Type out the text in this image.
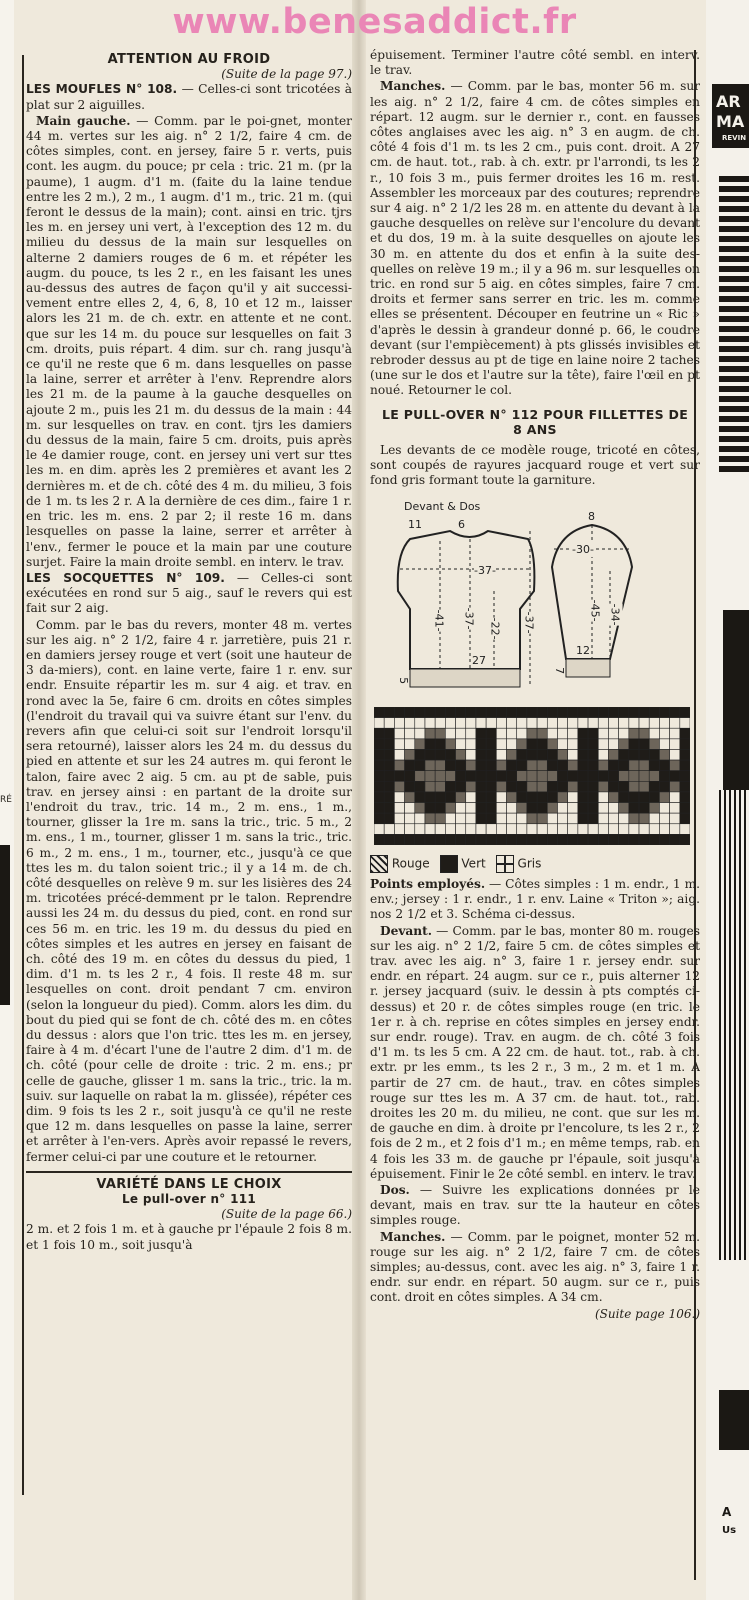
AR
MA
REVIN
A
Us
RÉ
www.benesaddict.fr
ATTENTION AU FROID
(Suite de la page 97.)

LES MOUFLES N° 108. — Celles-ci sont tricotées à plat sur 2 aiguilles.

Main gauche. — Comm. par le poi-gnet, monter 44 m. vertes sur les aig. n° 2 1/2, faire 4 cm. de côtes simples, cont. en jersey, faire 5 r. verts, puis cont. les augm. du pouce; pr cela : tric. 21 m. (pr la paume), 1 augm. d'1 m. (faite du la laine tendue entre les 2 m.), 2 m., 1 augm. d'1 m., tric. 21 m. (qui feront le dessus de la main); cont. ainsi en tric. tjrs les m. en jersey uni vert, à l'exception des 12 m. du milieu du dessus de la main sur lesquelles on alterne 2 damiers rouges de 6 m. et répéter les augm. du pouce, ts les 2 r., en les faisant les unes au-dessus des autres de façon qu'il y ait successi-vement entre elles 2, 4, 6, 8, 10 et 12 m., laisser alors les 21 m. de ch. extr. en attente et ne cont. que sur les 14 m. du pouce sur lesquelles on fait 3 cm. droits, puis répart. 4 dim. sur ch. rang jusqu'à ce qu'il ne reste que 6 m. dans lesquelles on passe la laine, serrer et arrêter à l'env. Reprendre alors les 21 m. de la paume à la gauche desquelles on ajoute 2 m., puis les 21 m. du dessus de la main : 44 m. sur lesquelles on trav. en cont. tjrs les damiers du dessus de la main, faire 5 cm. droits, puis après le 4e damier rouge, cont. en jersey uni vert sur ttes les m. en dim. après les 2 premières et avant les 2 dernières m. et de ch. côté des 4 m. du milieu, 3 fois de 1 m. ts les 2 r. A la dernière de ces dim., faire 1 r. en tric. les m. ens. 2 par 2; il reste 16 m. dans lesquelles on passe la laine, serrer et arrêter à l'env., fermer le pouce et la main par une couture surjet. Faire la main droite sembl. en interv. le trav.

LES SOCQUETTES N° 109. — Celles-ci sont exécutées en rond sur 5 aig., sauf le revers qui est fait sur 2 aig.

Comm. par le bas du revers, monter 48 m. vertes sur les aig. n° 2 1/2, faire 4 r. jarretière, puis 21 r. en damiers jersey rouge et vert (soit une hauteur de 3 da-miers), cont. en laine verte, faire 1 r. env. sur endr. Ensuite répartir les m. sur 4 aig. et trav. en rond avec la 5e, faire 6 cm. droits en côtes simples (l'endroit du travail qui va suivre étant sur l'env. du revers afin que celui-ci soit sur l'endroit lorsqu'il sera retourné), laisser alors les 24 m. du dessus du pied en attente et sur les 24 autres m. qui feront le talon, faire avec 2 aig. 5 cm. au pt de sable, puis trav. en jersey ainsi : en partant de la droite sur l'endroit du trav., tric. 14 m., 2 m. ens., 1 m., tourner, glisser la 1re m. sans la tric., tric. 5 m., 2 m. ens., 1 m., tourner, glisser 1 m. sans la tric., tric. 6 m., 2 m. ens., 1 m., tourner, etc., jusqu'à ce que ttes les m. du talon soient tric.; il y a 14 m. de ch. côté desquelles on relève 9 m. sur les lisières des 24 m. tricotées précé-demment pr le talon. Reprendre aussi les 24 m. du dessus du pied, cont. en rond sur ces 56 m. en tric. les 19 m. du dessus du pied en côtes simples et les autres en jersey en faisant de ch. côté des 19 m. en côtes du dessus du pied, 1 dim. d'1 m. ts les 2 r., 4 fois. Il reste 48 m. sur lesquelles on cont. droit pendant 7 cm. environ (selon la longueur du pied). Comm. alors les dim. du bout du pied qui se font de ch. côté des m. en côtes du dessus : alors que l'on tric. ttes les m. en jersey, faire à 4 m. d'écart l'une de l'autre 2 dim. d'1 m. de ch. côté (pour celle de droite : tric. 2 m. ens.; pr celle de gauche, glisser 1 m. sans la tric., tric. la m. suiv. sur laquelle on rabat la m. glissée), répéter ces dim. 9 fois ts les 2 r., soit jusqu'à ce qu'il ne reste que 12 m. dans lesquelles on passe la laine, serrer et arrêter à l'en-vers. Après avoir repassé le revers, fermer celui-ci par une couture et le retourner.

VARIÉTÉ DANS LE CHOIX
Le pull-over n° 111
(Suite de la page 66.)

2 m. et 2 fois 1 m. et à gauche pr l'épaule 2 fois 8 m. et 1 fois 10 m., soit jusqu'à

épuisement. Terminer l'autre côté sembl. en interv. le trav.

Manches. — Comm. par le bas, monter 56 m. sur les aig. n° 2 1/2, faire 4 cm. de côtes simples en répart. 12 augm. sur le dernier r., cont. en fausses côtes anglaises avec les aig. n° 3 en augm. de ch. côté 4 fois d'1 m. ts les 2 cm., puis cont. droit. A 27 cm. de haut. tot., rab. à ch. extr. pr l'arrondi, ts les 2 r., 10 fois 3 m., puis fermer droites les 16 m. rest. Assembler les morceaux par des coutures; reprendre sur 4 aig. n° 2 1/2 les 28 m. en attente du devant à la gauche desquelles on relève sur l'encolure du devant et du dos, 19 m. à la suite desquelles on ajoute les 30 m. en attente du dos et enfin à la suite des-quelles on relève 19 m.; il y a 96 m. sur lesquelles on tric. en rond sur 5 aig. en côtes simples, faire 7 cm. droits et fermer sans serrer en tric. les m. comme elles se présentent. Découper en feutrine un « Ric » d'après le dessin à grandeur donné p. 66, le coudre devant (sur l'empiècement) à pts glissés invisibles et rebroder dessus au pt de tige en laine noire 2 taches (une sur le dos et l'autre sur la tête), faire l'œil en pt noué. Retourner le col.

LE PULL-OVER N° 112 POUR FILLETTES DE 8 ANS

Les devants de ce modèle rouge, tricoté en côtes, sont coupés de rayures jacquard rouge et vert sur fond gris formant toute la garniture.

Devant & Dos
11	6
-37-
-41- -37- -22- -37-
27
5
8
-30-
-45- -34-
12
7
Rouge	Vert	Gris

Points employés. — Côtes simples : 1 m. endr., 1 m. env.; jersey : 1 r. endr., 1 r. env. Laine « Triton »; aig. nos 2 1/2 et 3. Schéma ci-dessus.

Devant. — Comm. par le bas, monter 80 m. rouges sur les aig. n° 2 1/2, faire 5 cm. de côtes simples et trav. avec les aig. n° 3, faire 1 r. jersey endr. sur endr. en répart. 24 augm. sur ce r., puis alterner 12 r. jersey jacquard (suiv. le dessin à pts comptés ci-dessus) et 20 r. de côtes simples rouge (en tric. le 1er r. à ch. reprise en côtes simples en jersey endr. sur endr. rouge). Trav. en augm. de ch. côté 3 fois d'1 m. ts les 5 cm. A 22 cm. de haut. tot., rab. à ch. extr. pr les emm., ts les 2 r., 3 m., 2 m. et 1 m. A partir de 27 cm. de haut., trav. en côtes simples rouge sur ttes les m. A 37 cm. de haut. tot., rab. droites les 20 m. du milieu, ne cont. que sur les m. de gauche en dim. à droite pr l'encolure, ts les 2 r., 2 fois de 2 m., et 2 fois d'1 m.; en même temps, rab. en 4 fois les 33 m. de gauche pr l'épaule, soit jusqu'à épuisement. Finir le 2e côté sembl. en interv. le trav.

Dos. — Suivre les explications données pr le devant, mais en trav. sur tte la hauteur en côtes simples rouge.

Manches. — Comm. par le poignet, monter 52 m. rouge sur les aig. n° 2 1/2, faire 7 cm. de côtes simples; au-dessus, cont. avec les aig. n° 3, faire 1 r. endr. sur endr. en répart. 50 augm. sur ce r., puis cont. droit en côtes simples. A 34 cm.

(Suite page 106.)
